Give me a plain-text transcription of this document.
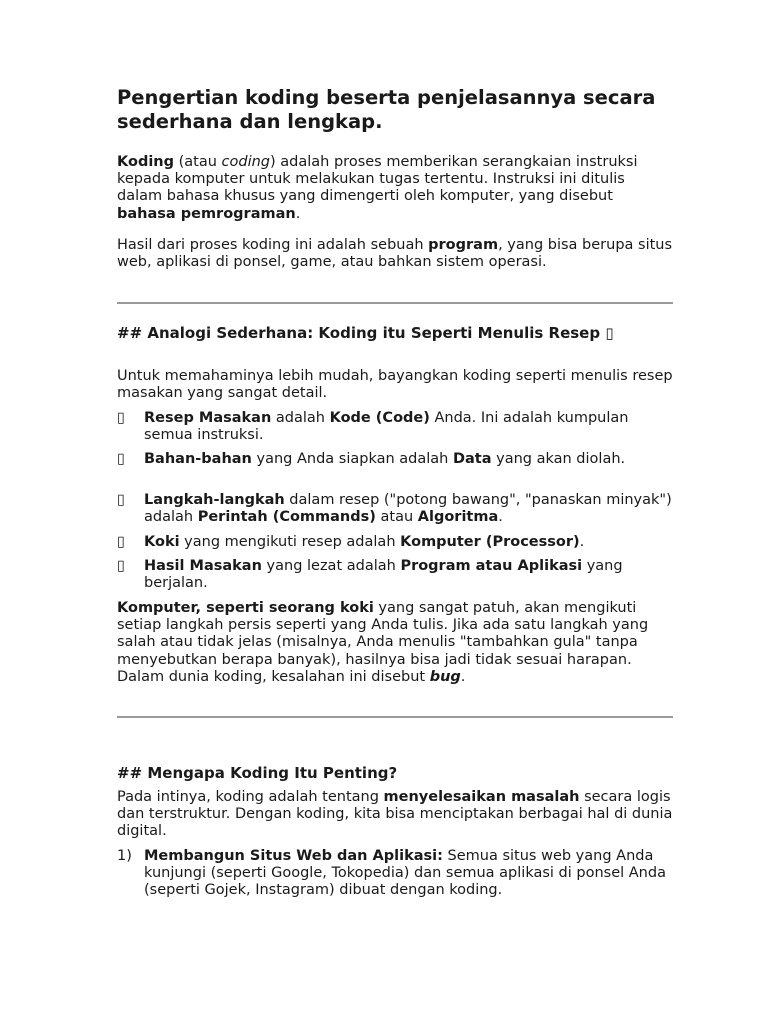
Pengertian koding beserta penjelasannya secara sederhana dan lengkap.

Koding (atau coding) adalah proses memberikan serangkaian instruksi kepada komputer untuk melakukan tugas tertentu. Instruksi ini ditulis dalam bahasa khusus yang dimengerti oleh komputer, yang disebut bahasa pemrograman.

Hasil dari proses koding ini adalah sebuah program, yang bisa berupa situs web, aplikasi di ponsel, game, atau bahkan sistem operasi.

## Analogi Sederhana: Koding itu Seperti Menulis Resep ▯

Untuk memahaminya lebih mudah, bayangkan koding seperti menulis resep masakan yang sangat detail.

▯	Resep Masakan adalah Kode (Code) Anda. Ini adalah kumpulan semua instruksi.
▯	Bahan-bahan yang Anda siapkan adalah Data yang akan diolah.
▯	Langkah-langkah dalam resep ("potong bawang", "panaskan minyak") adalah Perintah (Commands) atau Algoritma.
▯	Koki yang mengikuti resep adalah Komputer (Processor).
▯	Hasil Masakan yang lezat adalah Program atau Aplikasi yang berjalan.

Komputer, seperti seorang koki yang sangat patuh, akan mengikuti setiap langkah persis seperti yang Anda tulis. Jika ada satu langkah yang salah atau tidak jelas (misalnya, Anda menulis "tambahkan gula" tanpa menyebutkan berapa banyak), hasilnya bisa jadi tidak sesuai harapan. Dalam dunia koding, kesalahan ini disebut bug.

## Mengapa Koding Itu Penting?

Pada intinya, koding adalah tentang menyelesaikan masalah secara logis dan terstruktur. Dengan koding, kita bisa menciptakan berbagai hal di dunia digital.

1) Membangun Situs Web dan Aplikasi: Semua situs web yang Anda kunjungi (seperti Google, Tokopedia) dan semua aplikasi di ponsel Anda (seperti Gojek, Instagram) dibuat dengan koding.
